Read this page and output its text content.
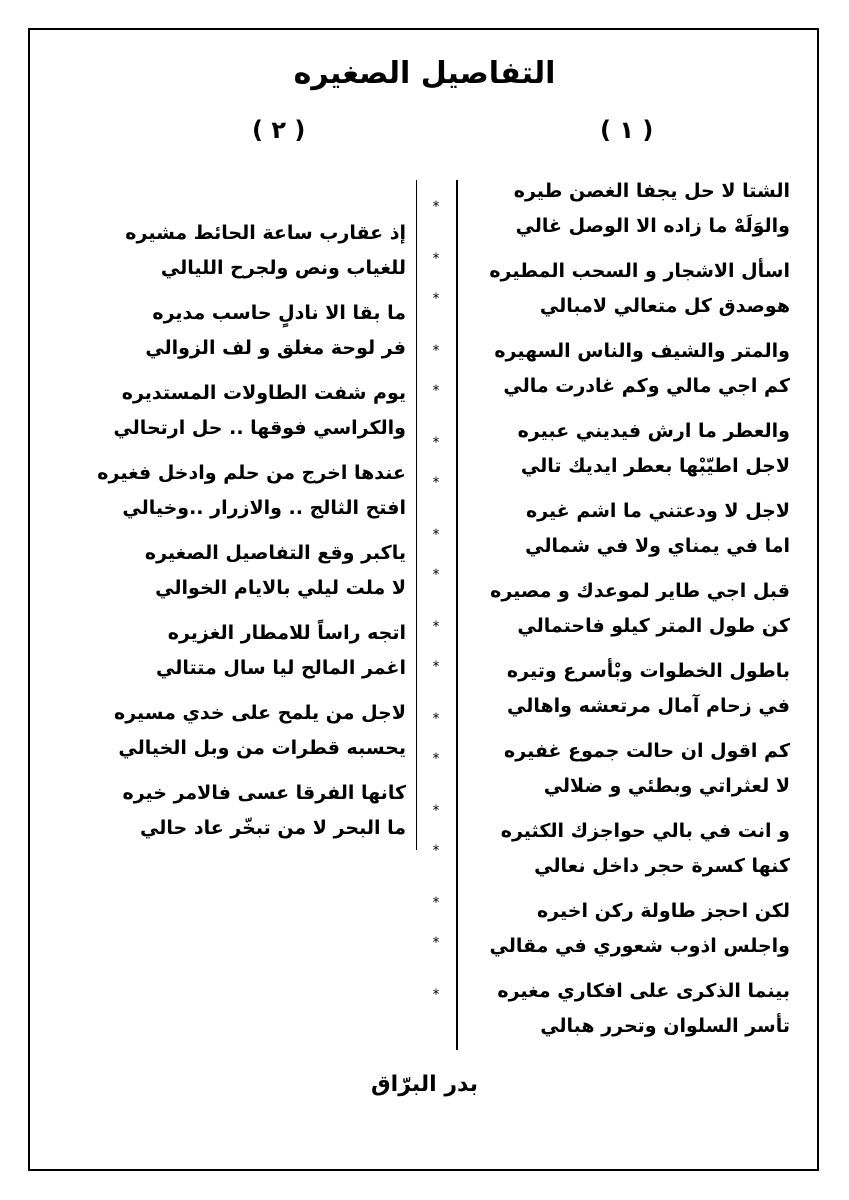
التفاصيل الصغيره
( ١ )
( ٢ )
*
*
*
*
*
*
*
*
*
*
*
*
*
*
*
*
*
*
الشتا لا حل يجفا الغصن طيره
والوَلَهْ ما زاده الا الوصل غالي
اسأل الاشجار و السحب المطيره
هوصدق كل متعالي لامبالي
والمتر والشيف والناس السهيره
كم اجي مالي وكم غادرت مالي
والعطر ما ارش فيديني عبيره
لاجل اطيّبْها بعطر ايديك تالي
لاجل لا ودعتني ما اشم غيره
اما في يمناي ولا في شمالي
قبل اجي طاير لموعدك و مصيره
كن طول المتر كيلو فاحتمالي
باطول الخطوات وبْأسرع وتيره
في زحام آمال مرتعشه واهالي
كم اقول ان حالت جموع غفيره
لا لعثراتي وبطئي و ضلالي
و انت في بالي حواجزك الكثيره
كنها كسرة حجر داخل نعالي
لكن احجز طاولة ركن اخيره
واجلس اذوب شعوري في مقالي
بينما الذكرى على افكاري مغيره
تأسر السلوان وتحرر هبالي
إذ عقارب ساعة الحائط مشيره
للغياب ونص ولجرح الليالي
ما بقا الا نادلٍ حاسب مديره
فر لوحة مغلق و لف الزوالي
يوم شفت الطاولات المستديره
والكراسي فوقها .. حل ارتحالي
عندها اخرج من حلم وادخل فغيره
افتح الثالج .. والازرار ..وخيالي
ياكبر وقع التفاصيل الصغيره
لا ملت ليلي بالايام الخوالي
اتجه راساً للامطار الغزيره
اغمر المالح ليا سال متتالي
لاجل من يلمح على خدي مسيره
يحسبه قطرات من وبل الخيالي
كانها الفرقا عسى فالامر خيره
ما البحر لا من تبخّر عاد حالي
بدر البرّاق
